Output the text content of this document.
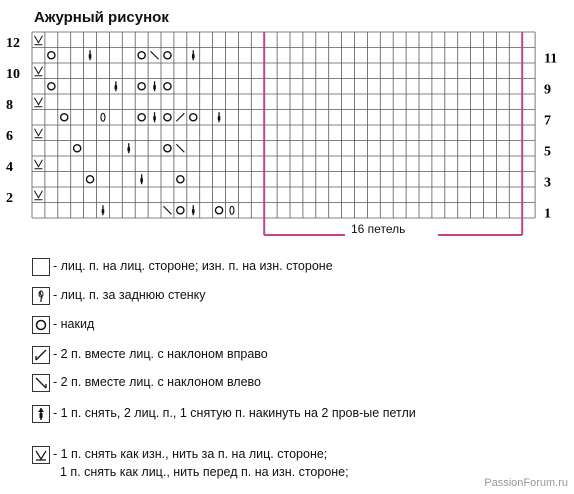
Ажурный рисунок
12
10
8
6
4
2
11
9
7
5
3
1
16 петель
- лиц. п. на лиц. стороне; изн. п. на изн. стороне
- лиц. п. за заднюю стенку
- накид
- 2 п. вместе лиц. с наклоном вправо
- 2 п. вместе лиц. с наклоном влево
- 1 п. снять, 2 лиц. п., 1 снятую п. накинуть на 2 пров-ые петли
- 1 п. снять как изн., нить за п. на лиц. стороне;
1 п. снять как лиц., нить перед п. на изн. стороне;
PassionForum.ru
